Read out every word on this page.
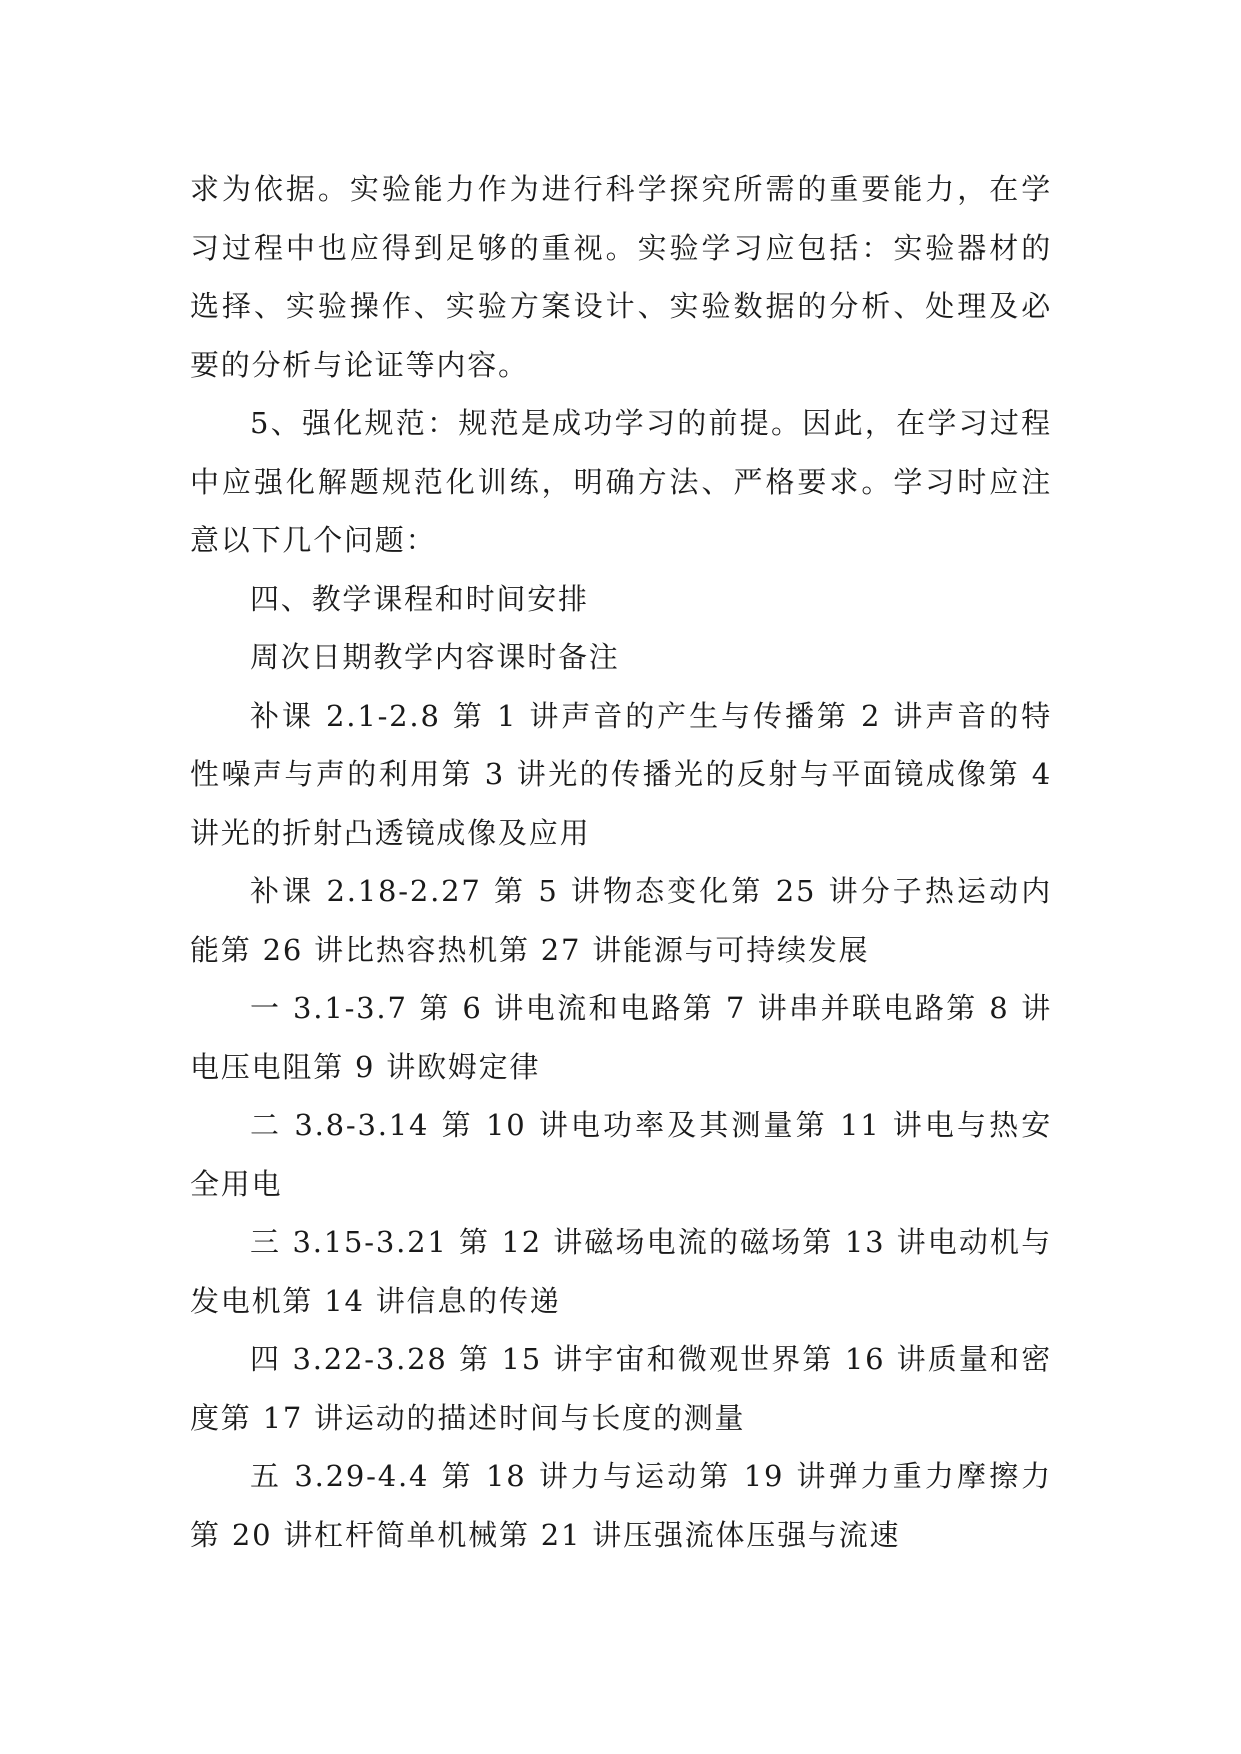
求为依据。实验能力作为进行科学探究所需的重要能力，在学习过程中也应得到足够的重视。实验学习应包括：实验器材的选择、实验操作、实验方案设计、实验数据的分析、处理及必要的分析与论证等内容。

5、强化规范：规范是成功学习的前提。因此，在学习过程中应强化解题规范化训练，明确方法、严格要求。学习时应注意以下几个问题：

四、教学课程和时间安排

周次日期教学内容课时备注

补课 2.1-2.8 第 1 讲声音的产生与传播第 2 讲声音的特性噪声与声的利用第 3 讲光的传播光的反射与平面镜成像第 4 讲光的折射凸透镜成像及应用

补课 2.18-2.27 第 5 讲物态变化第 25 讲分子热运动内能第 26 讲比热容热机第 27 讲能源与可持续发展

一 3.1-3.7 第 6 讲电流和电路第 7 讲串并联电路第 8 讲电压电阻第 9 讲欧姆定律

二 3.8-3.14 第 10 讲电功率及其测量第 11 讲电与热安全用电

三 3.15-3.21 第 12 讲磁场电流的磁场第 13 讲电动机与发电机第 14 讲信息的传递

四 3.22-3.28 第 15 讲宇宙和微观世界第 16 讲质量和密度第 17 讲运动的描述时间与长度的测量

五 3.29-4.4 第 18 讲力与运动第 19 讲弹力重力摩擦力第 20 讲杠杆简单机械第 21 讲压强流体压强与流速
